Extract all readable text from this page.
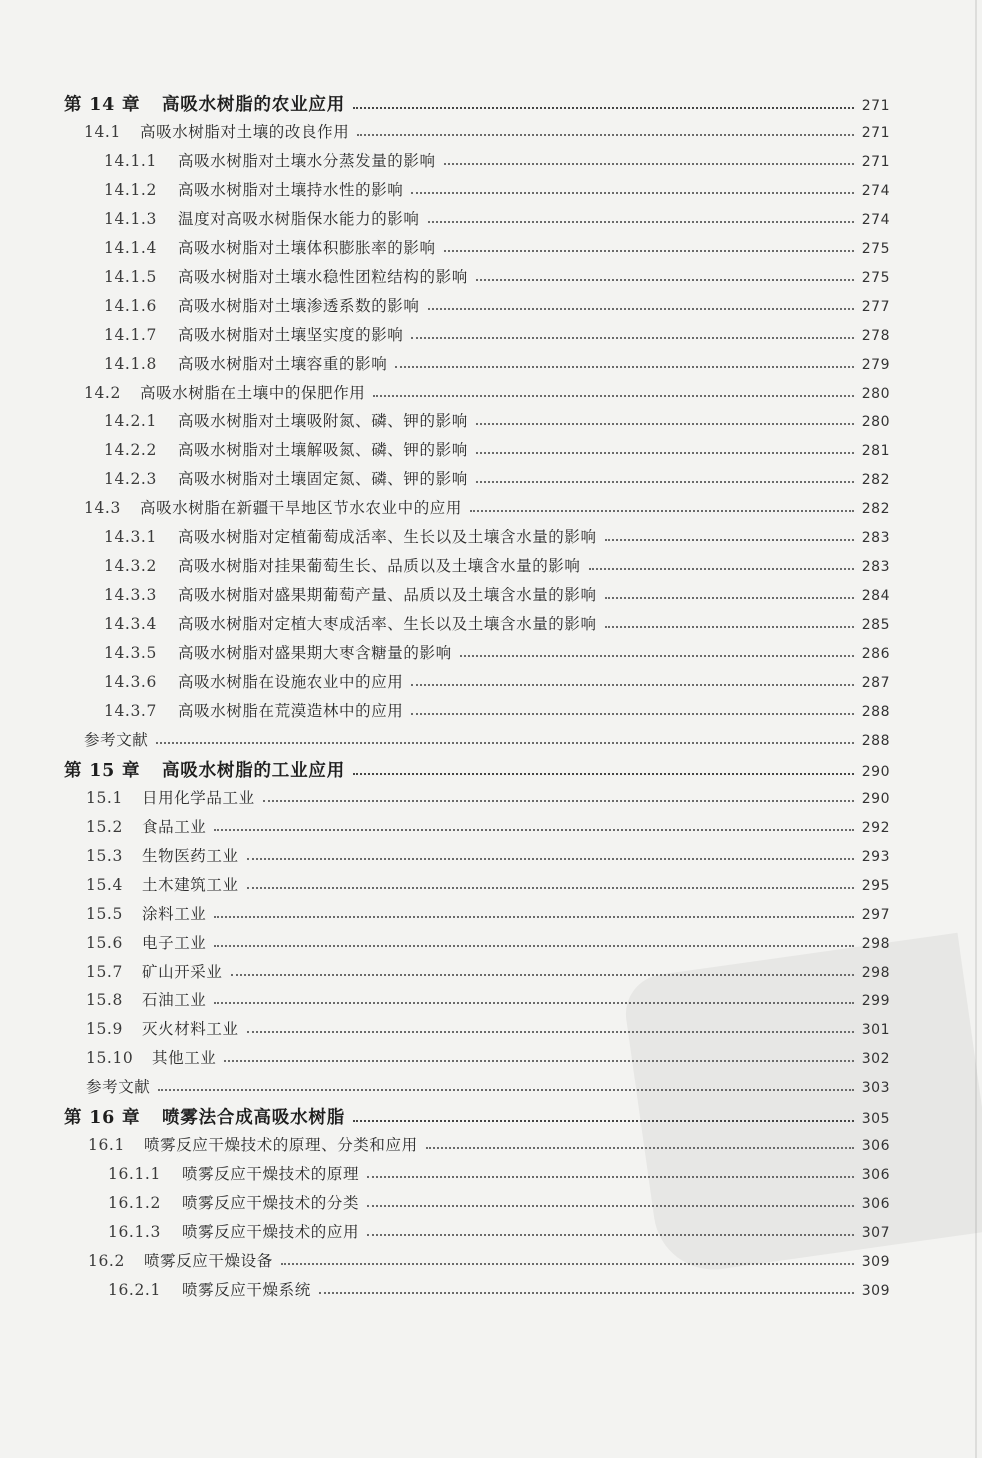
第 14 章	高吸水树脂的农业应用	271
14.1	高吸水树脂对土壤的改良作用	271
14.1.1	高吸水树脂对土壤水分蒸发量的影响	271
14.1.2	高吸水树脂对土壤持水性的影响	274
14.1.3	温度对高吸水树脂保水能力的影响	274
14.1.4	高吸水树脂对土壤体积膨胀率的影响	275
14.1.5	高吸水树脂对土壤水稳性团粒结构的影响	275
14.1.6	高吸水树脂对土壤渗透系数的影响	277
14.1.7	高吸水树脂对土壤坚实度的影响	278
14.1.8	高吸水树脂对土壤容重的影响	279
14.2	高吸水树脂在土壤中的保肥作用	280
14.2.1	高吸水树脂对土壤吸附氮、磷、钾的影响	280
14.2.2	高吸水树脂对土壤解吸氮、磷、钾的影响	281
14.2.3	高吸水树脂对土壤固定氮、磷、钾的影响	282
14.3	高吸水树脂在新疆干旱地区节水农业中的应用	282
14.3.1	高吸水树脂对定植葡萄成活率、生长以及土壤含水量的影响	283
14.3.2	高吸水树脂对挂果葡萄生长、品质以及土壤含水量的影响	283
14.3.3	高吸水树脂对盛果期葡萄产量、品质以及土壤含水量的影响	284
14.3.4	高吸水树脂对定植大枣成活率、生长以及土壤含水量的影响	285
14.3.5	高吸水树脂对盛果期大枣含糖量的影响	286
14.3.6	高吸水树脂在设施农业中的应用	287
14.3.7	高吸水树脂在荒漠造林中的应用	288
参考文献	288
第 15 章	高吸水树脂的工业应用	290
15.1	日用化学品工业	290
15.2	食品工业	292
15.3	生物医药工业	293
15.4	土木建筑工业	295
15.5	涂料工业	297
15.6	电子工业	298
15.7	矿山开采业	298
15.8	石油工业	299
15.9	灭火材料工业	301
15.10	其他工业	302
参考文献	303
第 16 章	喷雾法合成高吸水树脂	305
16.1	喷雾反应干燥技术的原理、分类和应用	306
16.1.1	喷雾反应干燥技术的原理	306
16.1.2	喷雾反应干燥技术的分类	306
16.1.3	喷雾反应干燥技术的应用	307
16.2	喷雾反应干燥设备	309
16.2.1	喷雾反应干燥系统	309
